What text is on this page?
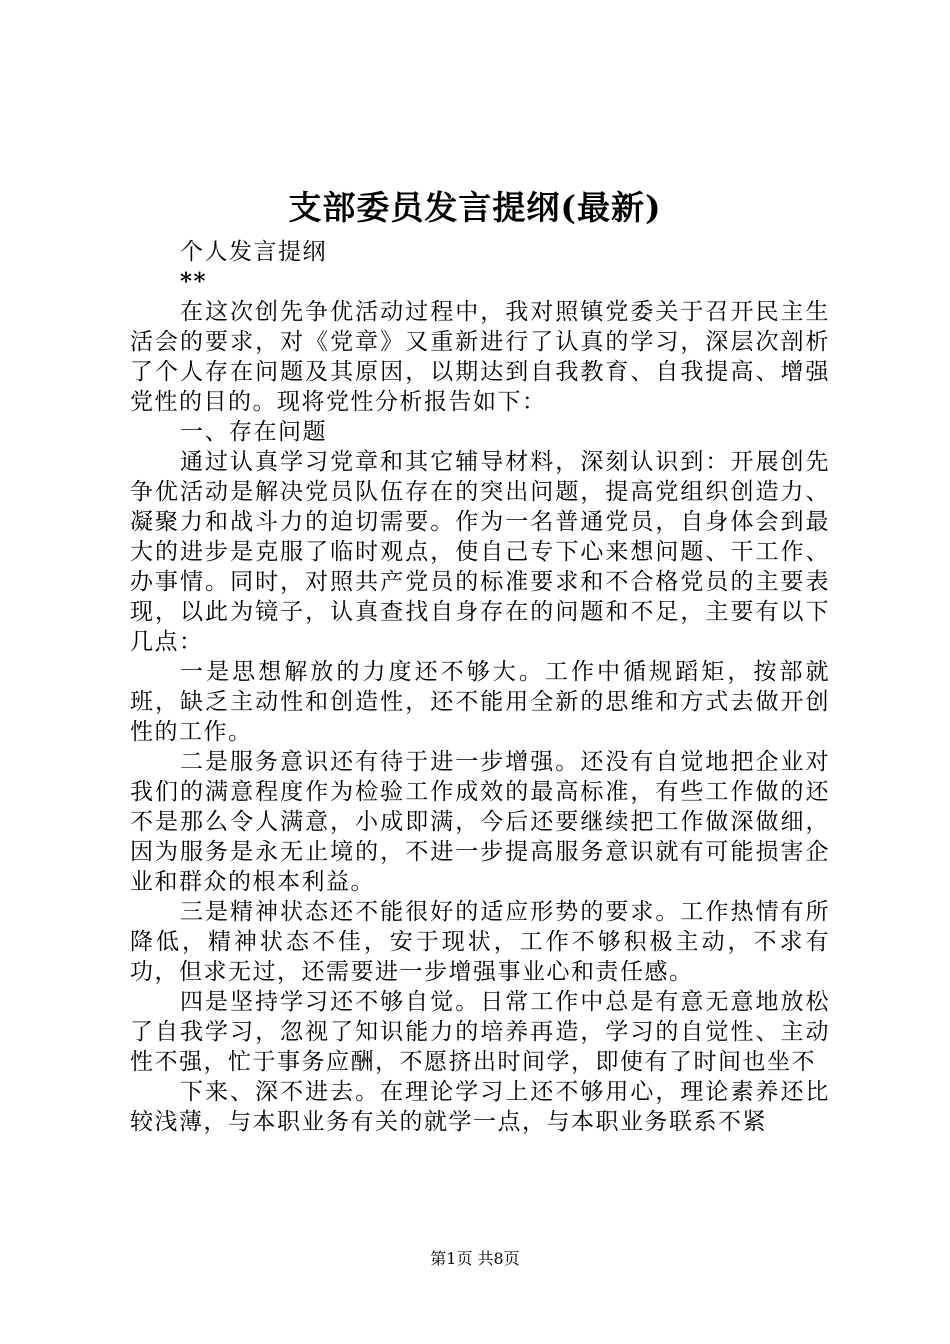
支部委员发言提纲(最新)

个人发言提纲

**

在这次创先争优活动过程中，我对照镇党委关于召开民主生活会的要求，对《党章》又重新进行了认真的学习，深层次剖析了个人存在问题及其原因，以期达到自我教育、自我提高、增强党性的目的。现将党性分析报告如下：

一、存在问题

通过认真学习党章和其它辅导材料，深刻认识到：开展创先争优活动是解决党员队伍存在的突出问题，提高党组织创造力、凝聚力和战斗力的迫切需要。作为一名普通党员，自身体会到最大的进步是克服了临时观点，使自己专下心来想问题、干工作、办事情。同时，对照共产党员的标准要求和不合格党员的主要表现，以此为镜子，认真查找自身存在的问题和不足，主要有以下几点：

一是思想解放的力度还不够大。工作中循规蹈矩，按部就班，缺乏主动性和创造性，还不能用全新的思维和方式去做开创性的工作。

二是服务意识还有待于进一步增强。还没有自觉地把企业对我们的满意程度作为检验工作成效的最高标准，有些工作做的还不是那么令人满意，小成即满，今后还要继续把工作做深做细，因为服务是永无止境的，不进一步提高服务意识就有可能损害企业和群众的根本利益。

三是精神状态还不能很好的适应形势的要求。工作热情有所降低，精神状态不佳，安于现状，工作不够积极主动，不求有功，但求无过，还需要进一步增强事业心和责任感。

四是坚持学习还不够自觉。日常工作中总是有意无意地放松了自我学习，忽视了知识能力的培养再造，学习的自觉性、主动性不强，忙于事务应酬，不愿挤出时间学，即使有了时间也坐不

下来、深不进去。在理论学习上还不够用心，理论素养还比较浅薄，与本职业务有关的就学一点，与本职业务联系不紧

第1页 共8页
